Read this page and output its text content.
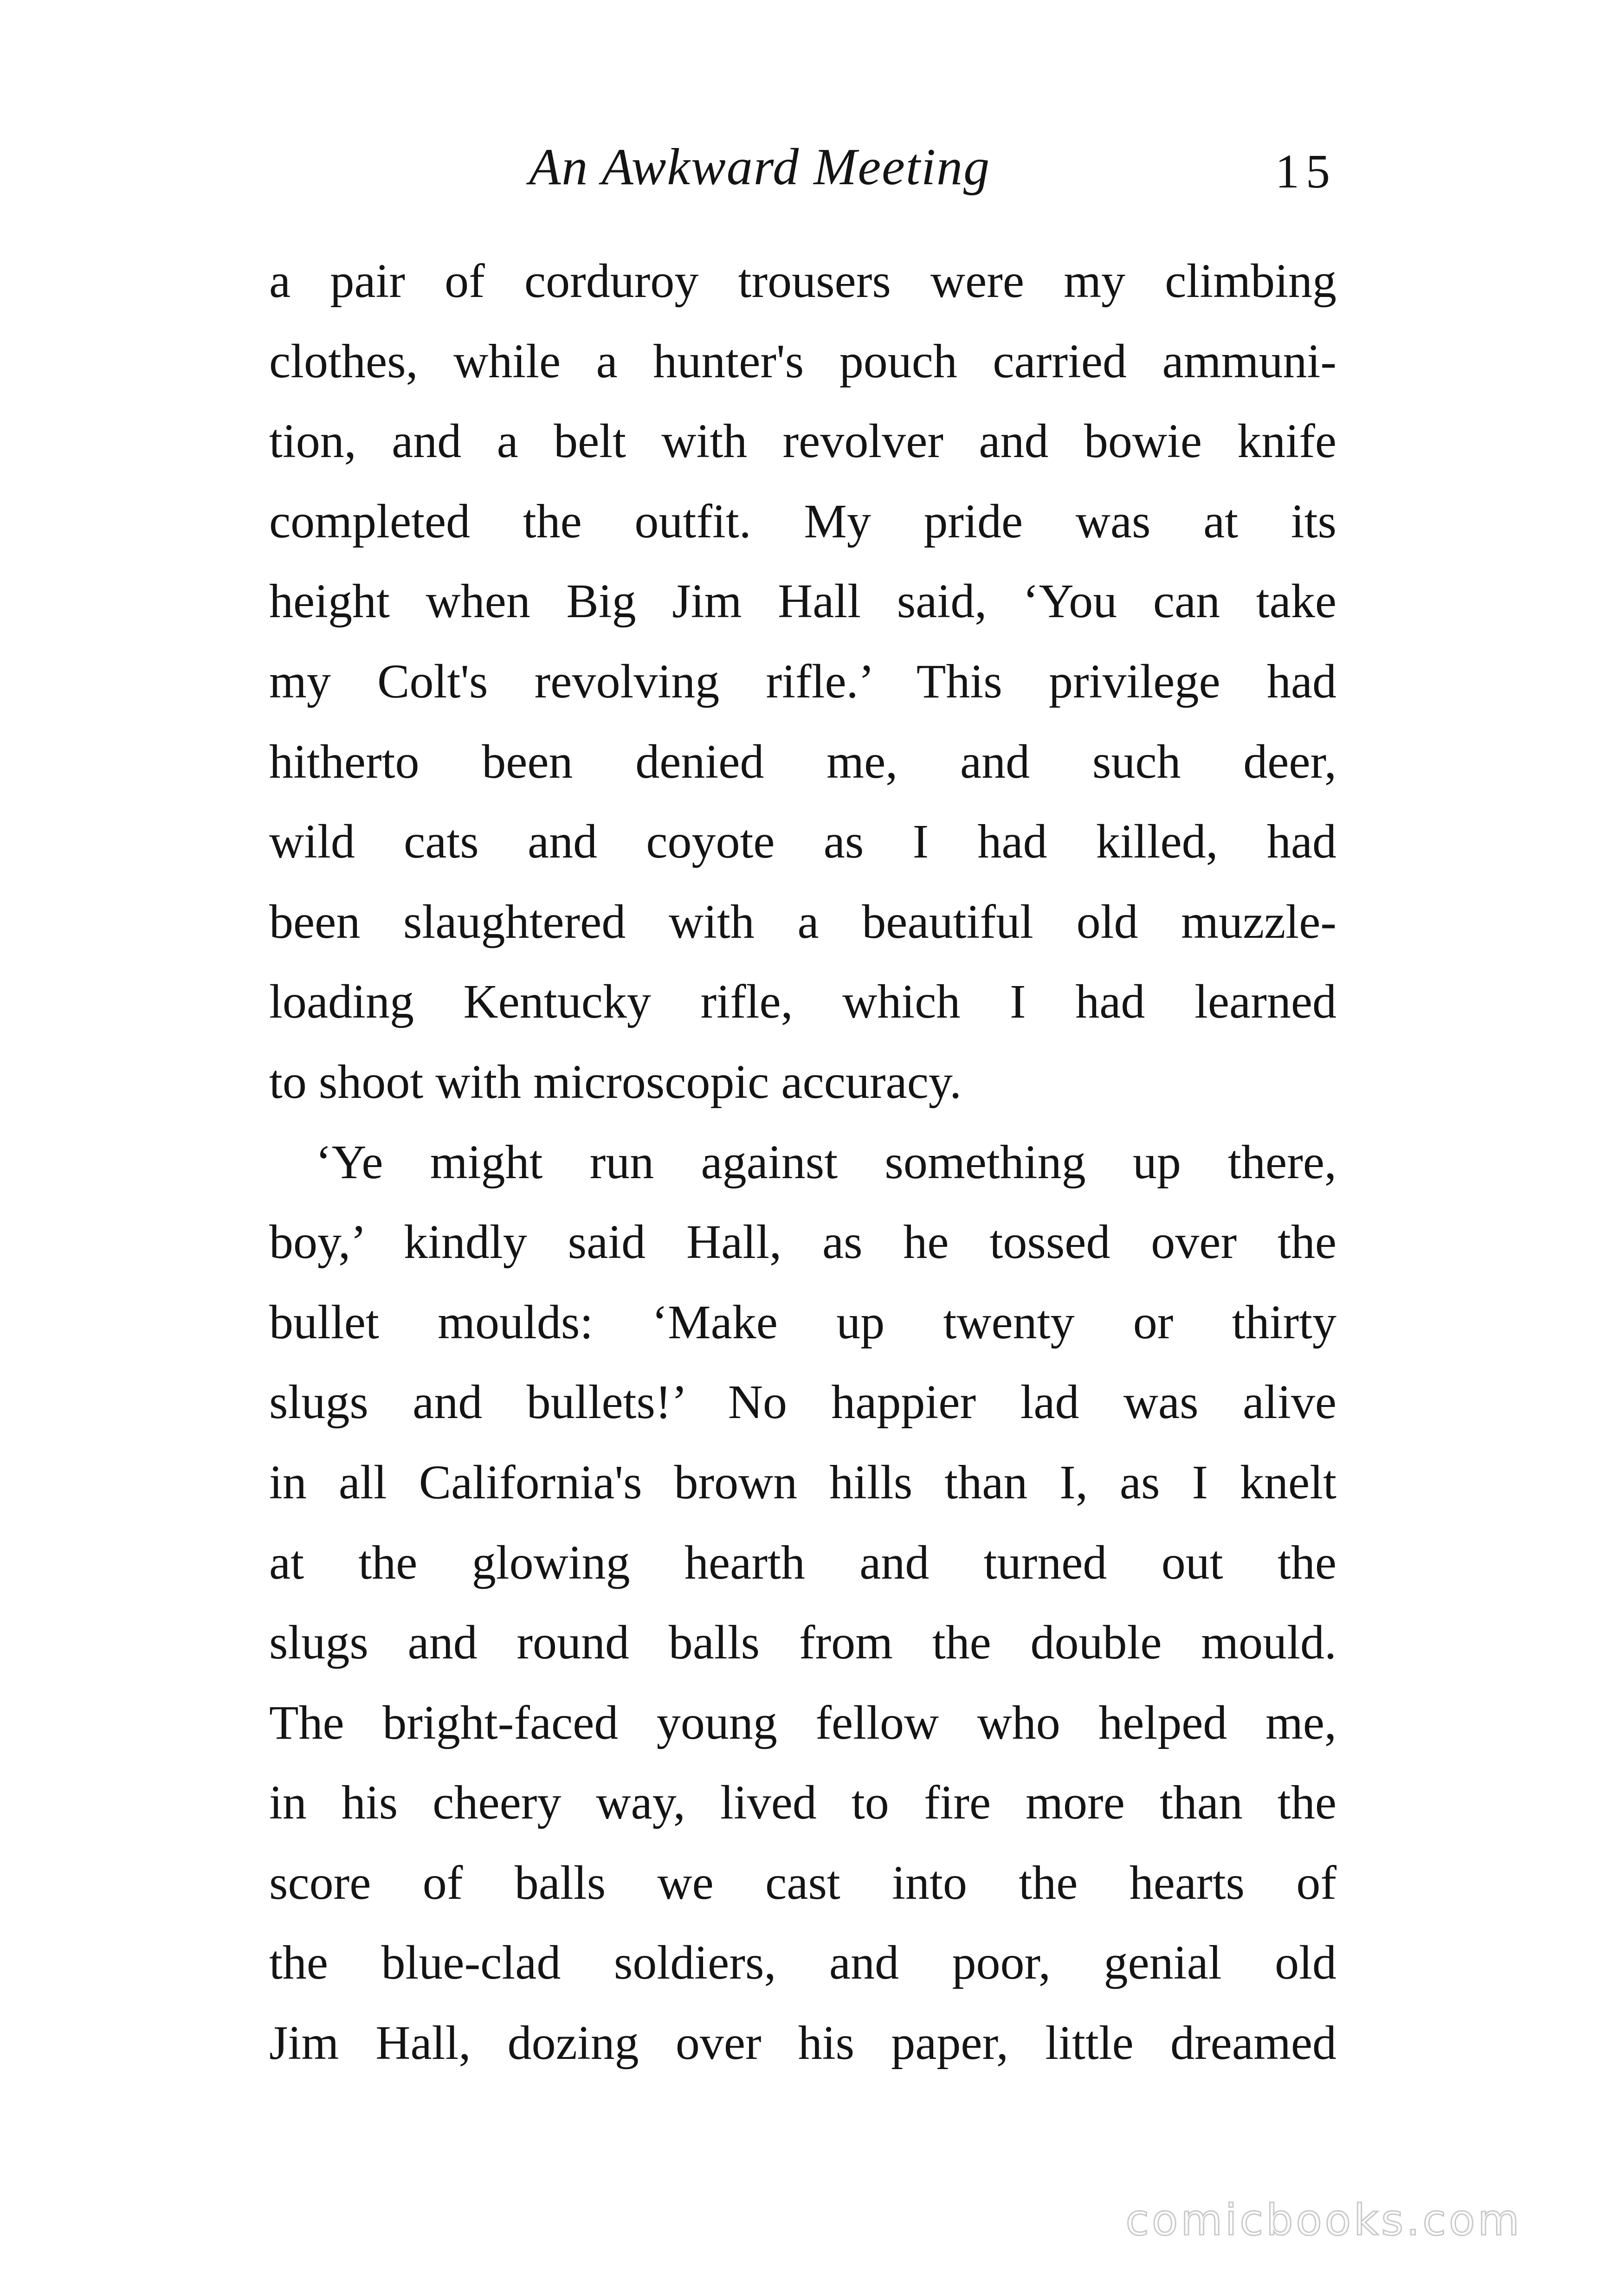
An Awkward Meeting	15
a pair of corduroy trousers were my climbing
clothes, while a hunter's pouch carried ammuni-
tion, and a belt with revolver and bowie knife
completed the outfit. My pride was at its
height when Big Jim Hall said, ‘You can take
my Colt's revolving rifle.’ This privilege had
hitherto been denied me, and such deer,
wild cats and coyote as I had killed, had
been slaughtered with a beautiful old muzzle-
loading Kentucky rifle, which I had learned
to shoot with microscopic accuracy.
‘Ye might run against something up there,
boy,’ kindly said Hall, as he tossed over the
bullet moulds: ‘Make up twenty or thirty
slugs and bullets!’ No happier lad was alive
in all California's brown hills than I, as I knelt
at the glowing hearth and turned out the
slugs and round balls from the double mould.
The bright-faced young fellow who helped me,
in his cheery way, lived to fire more than the
score of balls we cast into the hearts of
the blue-clad soldiers, and poor, genial old
Jim Hall, dozing over his paper, little dreamed
comicbooks.com
